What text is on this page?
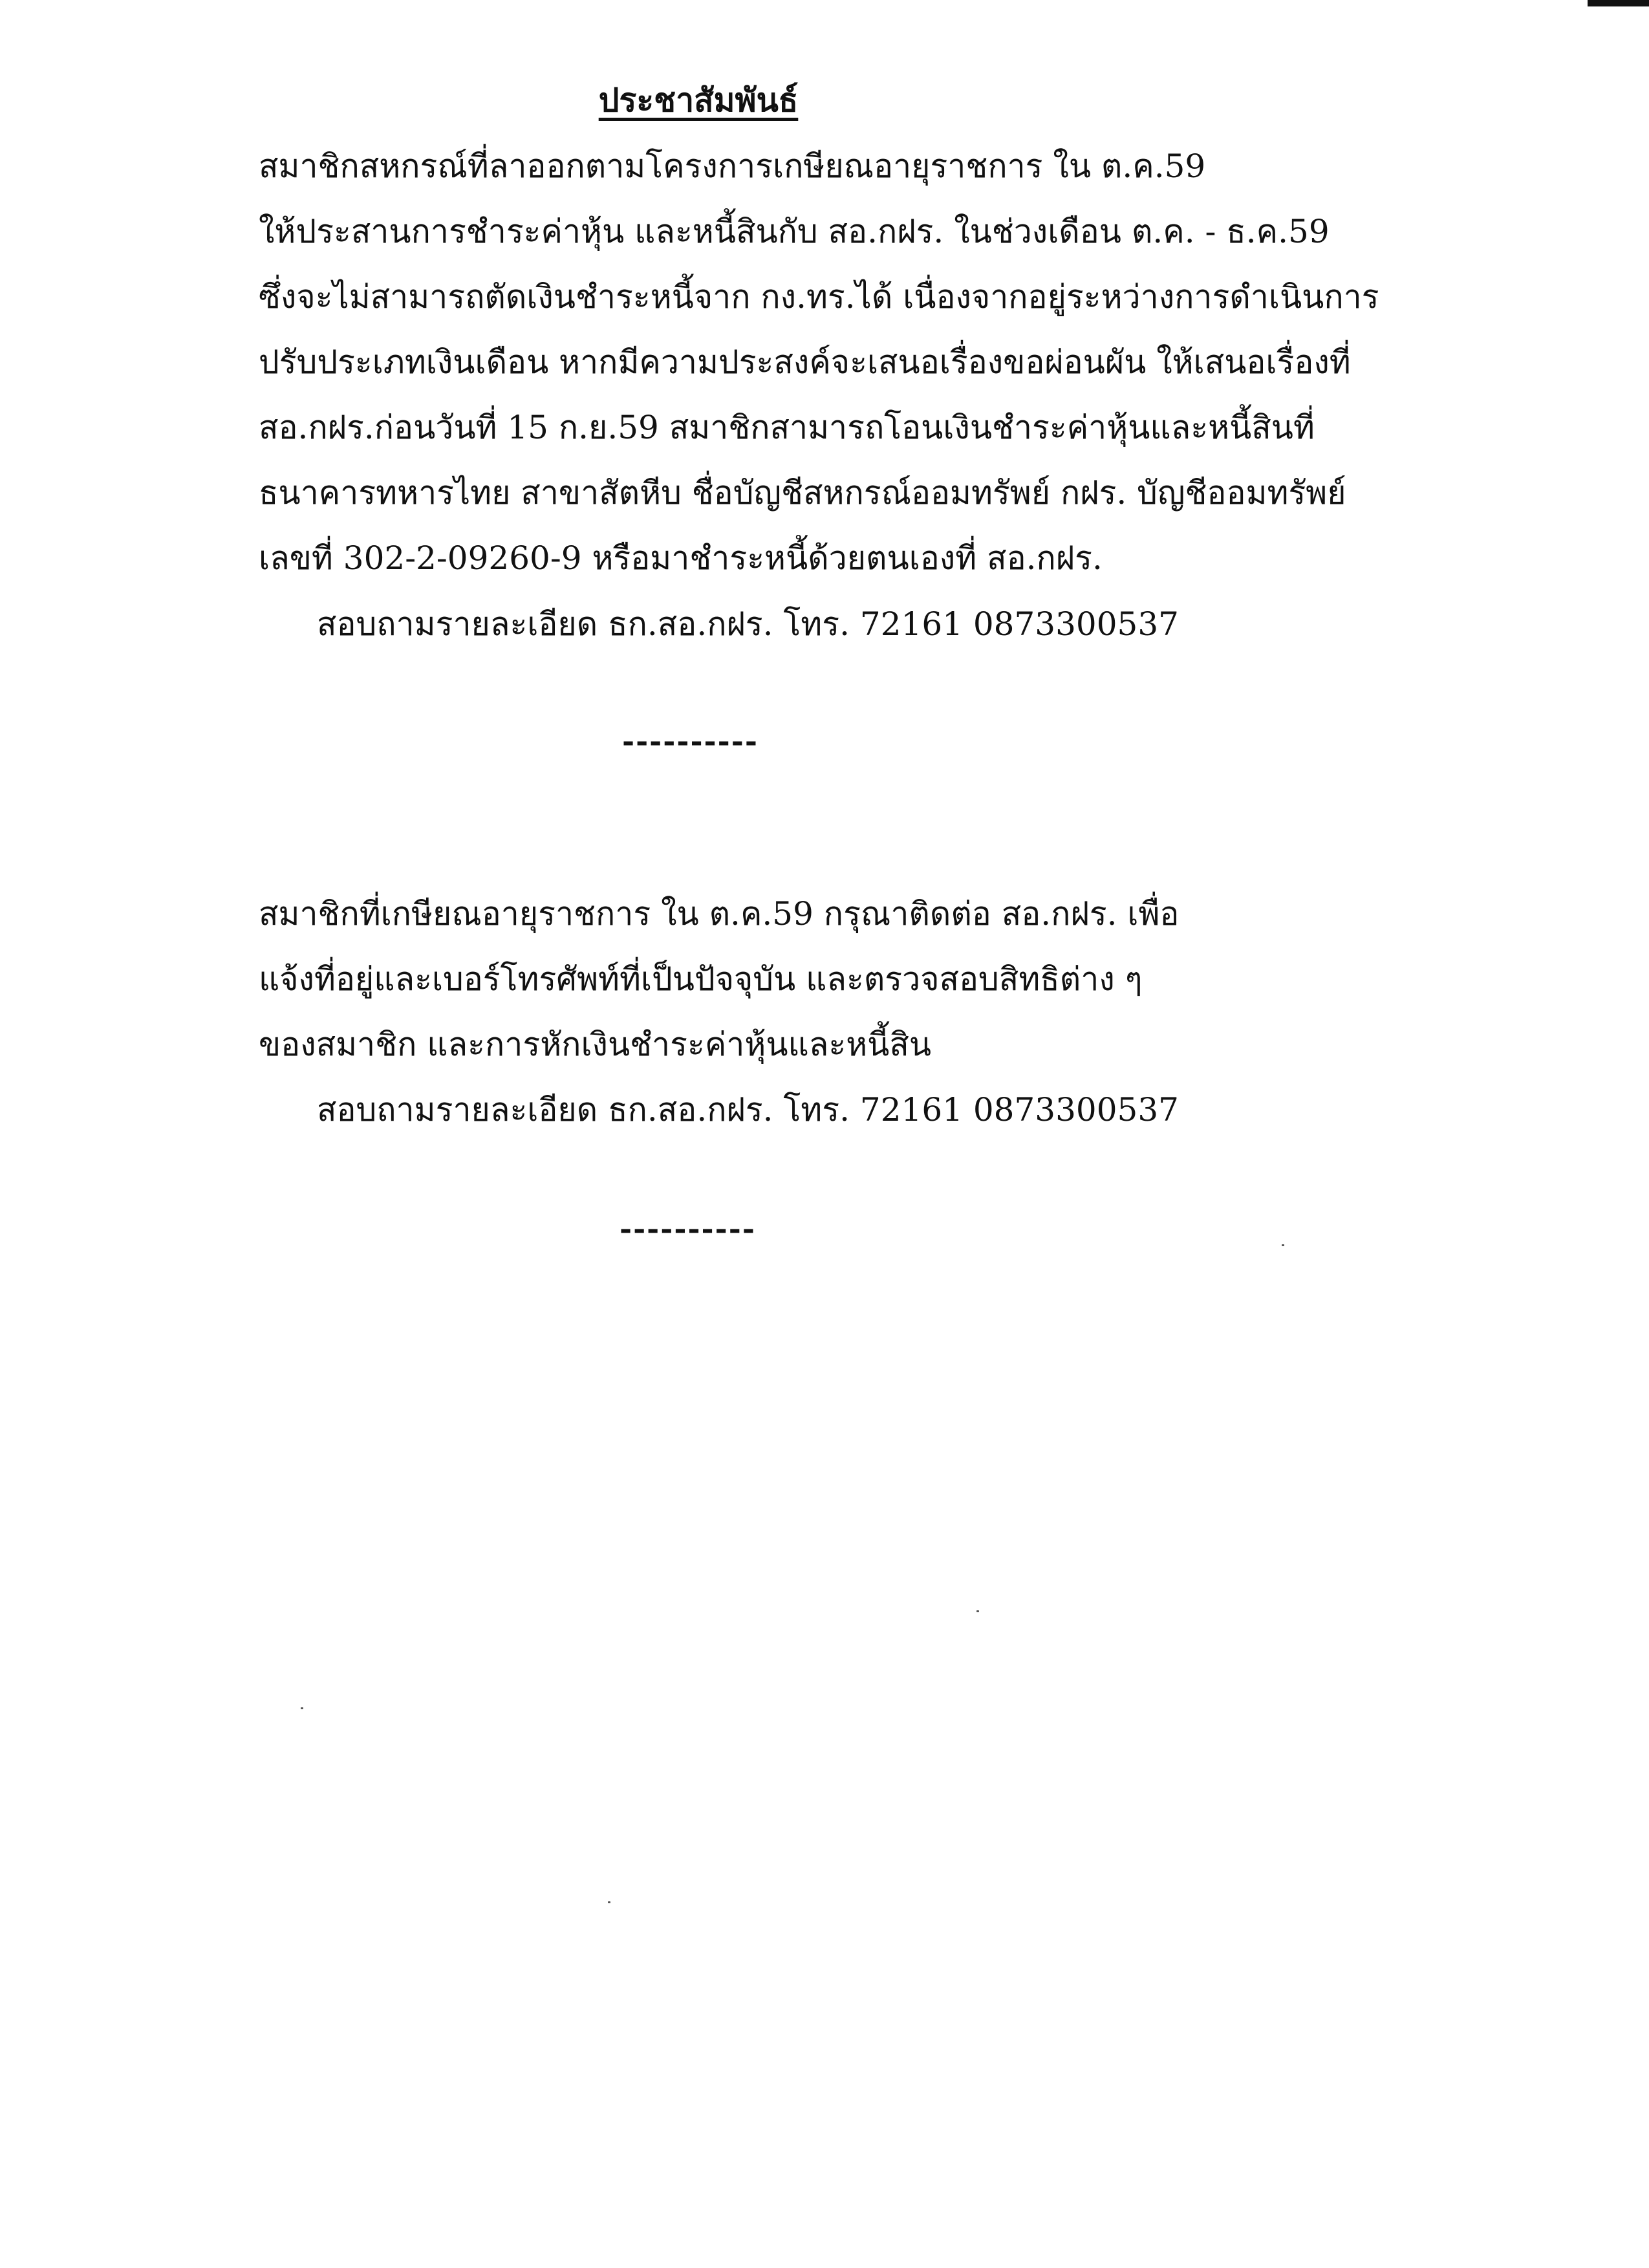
ประชาสัมพันธ์
สมาชิกสหกรณ์ที่ลาออกตามโครงการเกษียณอายุราชการ ใน ต.ค.59
ให้ประสานการชำระค่าหุ้น และหนี้สินกับ สอ.กฝร. ในช่วงเดือน ต.ค. - ธ.ค.59
ซึ่งจะไม่สามารถตัดเงินชำระหนี้จาก กง.ทร.ได้ เนื่องจากอยู่ระหว่างการดำเนินการ
ปรับประเภทเงินเดือน หากมีความประสงค์จะเสนอเรื่องขอผ่อนผัน ให้เสนอเรื่องที่
สอ.กฝร.ก่อนวันที่ 15 ก.ย.59 สมาชิกสามารถโอนเงินชำระค่าหุ้นและหนี้สินที่
ธนาคารทหารไทย สาขาสัตหีบ ชื่อบัญชีสหกรณ์ออมทรัพย์ กฝร. บัญชีออมทรัพย์
เลขที่ 302-2-09260-9 หรือมาชำระหนี้ด้วยตนเองที่ สอ.กฝร.
สอบถามรายละเอียด ธก.สอ.กฝร. โทร. 72161 0873300537
----------
สมาชิกที่เกษียณอายุราชการ ใน ต.ค.59 กรุณาติดต่อ สอ.กฝร. เพื่อ
แจ้งที่อยู่และเบอร์โทรศัพท์ที่เป็นปัจจุบัน และตรวจสอบสิทธิต่าง ๆ
ของสมาชิก และการหักเงินชำระค่าหุ้นและหนี้สิน
สอบถามรายละเอียด ธก.สอ.กฝร. โทร. 72161 0873300537
----------
